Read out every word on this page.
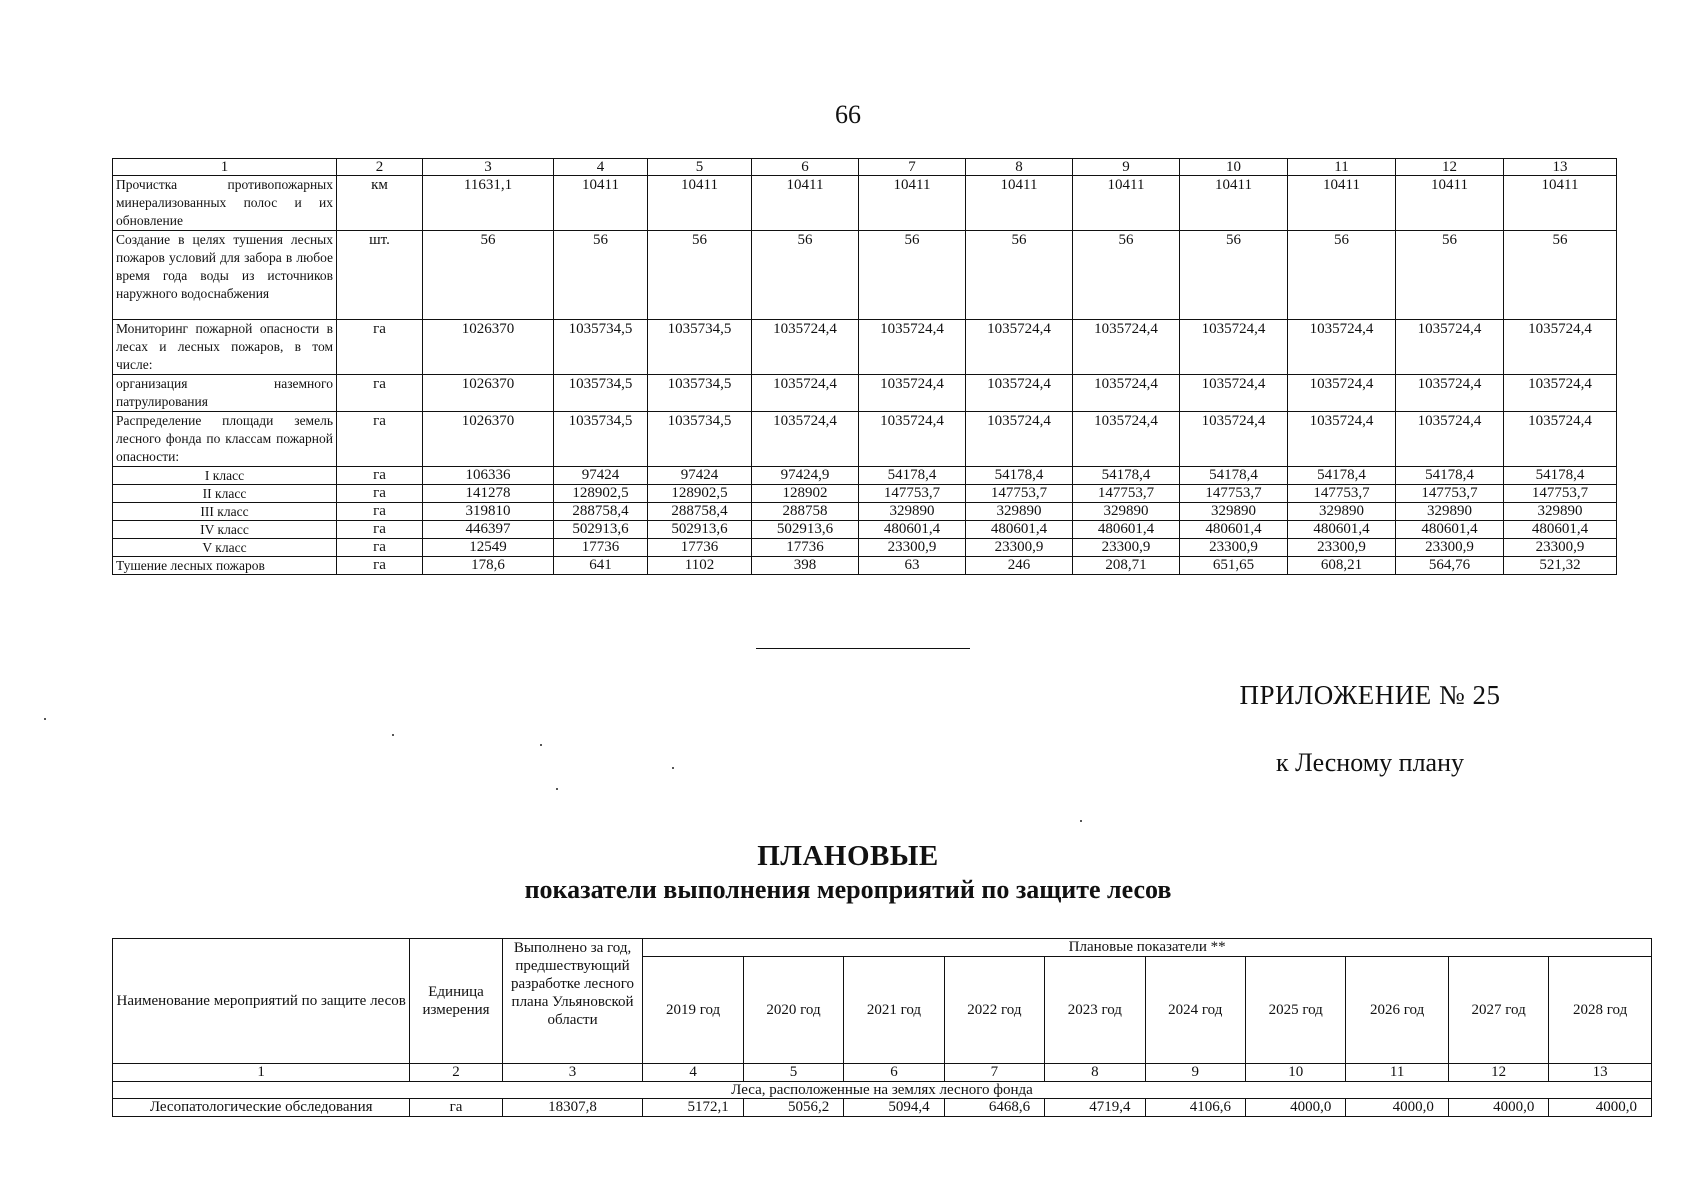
66
1	2	3	4	5	6	7	8	9	10	11	12	13
Прочистка противопожарных минерализованных полос и их обновление	км	11631,1	10411	10411	10411	10411	10411	10411	10411	10411	10411	10411
Создание в целях тушения лесных пожаров условий для забора в любое время года воды из источников наружного водоснабжения	шт.	56	56	56	56	56	56	56	56	56	56	56
Мониторинг пожарной опасности в лесах и лесных пожаров, в том числе:	га	1026370	1035734,5	1035734,5	1035724,4	1035724,4	1035724,4	1035724,4	1035724,4	1035724,4	1035724,4	1035724,4
организация наземного патрулирования	га	1026370	1035734,5	1035734,5	1035724,4	1035724,4	1035724,4	1035724,4	1035724,4	1035724,4	1035724,4	1035724,4
Распределение площади земель лесного фонда по классам пожарной опасности:	га	1026370	1035734,5	1035734,5	1035724,4	1035724,4	1035724,4	1035724,4	1035724,4	1035724,4	1035724,4	1035724,4
I класс	га	106336	97424	97424	97424,9	54178,4	54178,4	54178,4	54178,4	54178,4	54178,4	54178,4
II класс	га	141278	128902,5	128902,5	128902	147753,7	147753,7	147753,7	147753,7	147753,7	147753,7	147753,7
III класс	га	319810	288758,4	288758,4	288758	329890	329890	329890	329890	329890	329890	329890
IV класс	га	446397	502913,6	502913,6	502913,6	480601,4	480601,4	480601,4	480601,4	480601,4	480601,4	480601,4
V класс	га	12549	17736	17736	17736	23300,9	23300,9	23300,9	23300,9	23300,9	23300,9	23300,9
Тушение лесных пожаров	га	178,6	641	1102	398	63	246	208,71	651,65	608,21	564,76	521,32
ПРИЛОЖЕНИЕ № 25
к Лесному плану
ПЛАНОВЫЕ
показатели выполнения мероприятий по защите лесов
Наименование мероприятий по защите лесов	Единица измерения	Выполнено за год, предшествующий разработке лесного плана Ульяновской области	Плановые показатели **									
			2019 год	2020 год	2021 год	2022 год	2023 год	2024 год	2025 год	2026 год	2027 год	2028 год
1	2	3	4	5	6	7	8	9	10	11	12	13
Леса, расположенные на землях лесного фонда												
Лесопатологические обследования	га	18307,8	5172,1	5056,2	5094,4	6468,6	4719,4	4106,6	4000,0	4000,0	4000,0	4000,0
